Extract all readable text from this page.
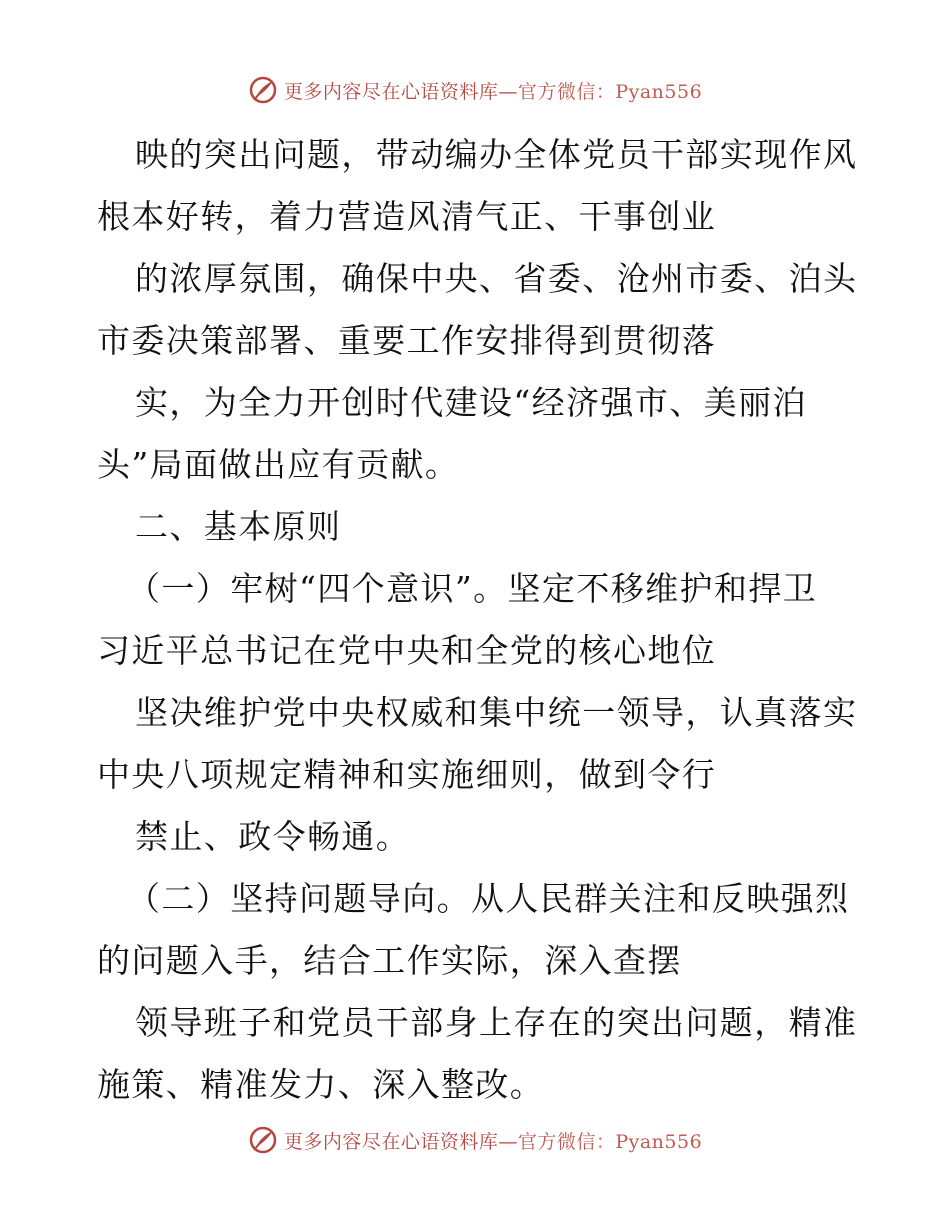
更多内容尽在心语资料库—官方微信：Pyan556
映的突出问题，带动编办全体党员干部实现作风
根本好转，着力营造风清气正、干事创业
的浓厚氛围，确保中央、省委、沧州市委、泊头
市委决策部署、重要工作安排得到贯彻落
实，为全力开创时代建设“经济强市、美丽泊
头”局面做出应有贡献。
二、基本原则
（一）牢树“四个意识”。坚定不移维护和捍卫
习近平总书记在党中央和全党的核心地位
坚决维护党中央权威和集中统一领导，认真落实
中央八项规定精神和实施细则，做到令行
禁止、政令畅通。
（二）坚持问题导向。从人民群关注和反映强烈
的问题入手，结合工作实际，深入查摆
领导班子和党员干部身上存在的突出问题，精准
施策、精准发力、深入整改。
更多内容尽在心语资料库—官方微信：Pyan556
